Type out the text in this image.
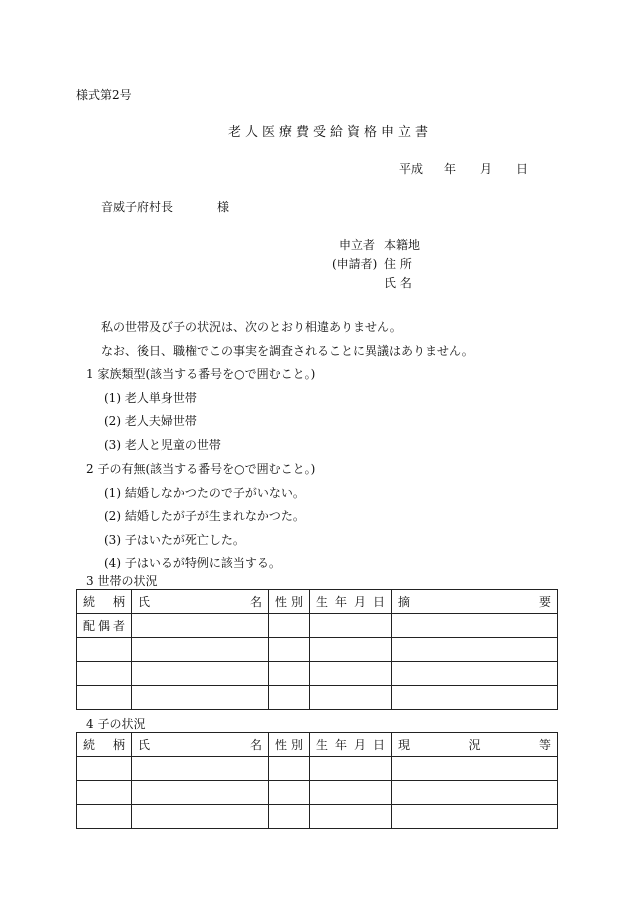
様式第2号
老人医療費受給資格申立書
平成 年 月 日
音威子府村長	様
申立者
(申請者)
本籍地
住 所
氏 名
私の世帯及び子の状況は、次のとおり相違ありません。
なお、後日、職権でこの事実を調査されることに異議はありません。
1 家族類型(該当する番号を○で囲むこと。)
(1) 老人単身世帯
(2) 老人夫婦世帯
(3) 老人と児童の世帯
2 子の有無(該当する番号を○で囲むこと。)
(1) 結婚しなかつたので子がいない。
(2) 結婚したが子が生まれなかつた。
(3) 子はいたが死亡した。
(4) 子はいるが特例に該当する。
3 世帯の状況
続柄	氏名	性別	生年月日	摘要
配偶者				

4 子の状況
続柄	氏名	性別	生年月日	現況等
